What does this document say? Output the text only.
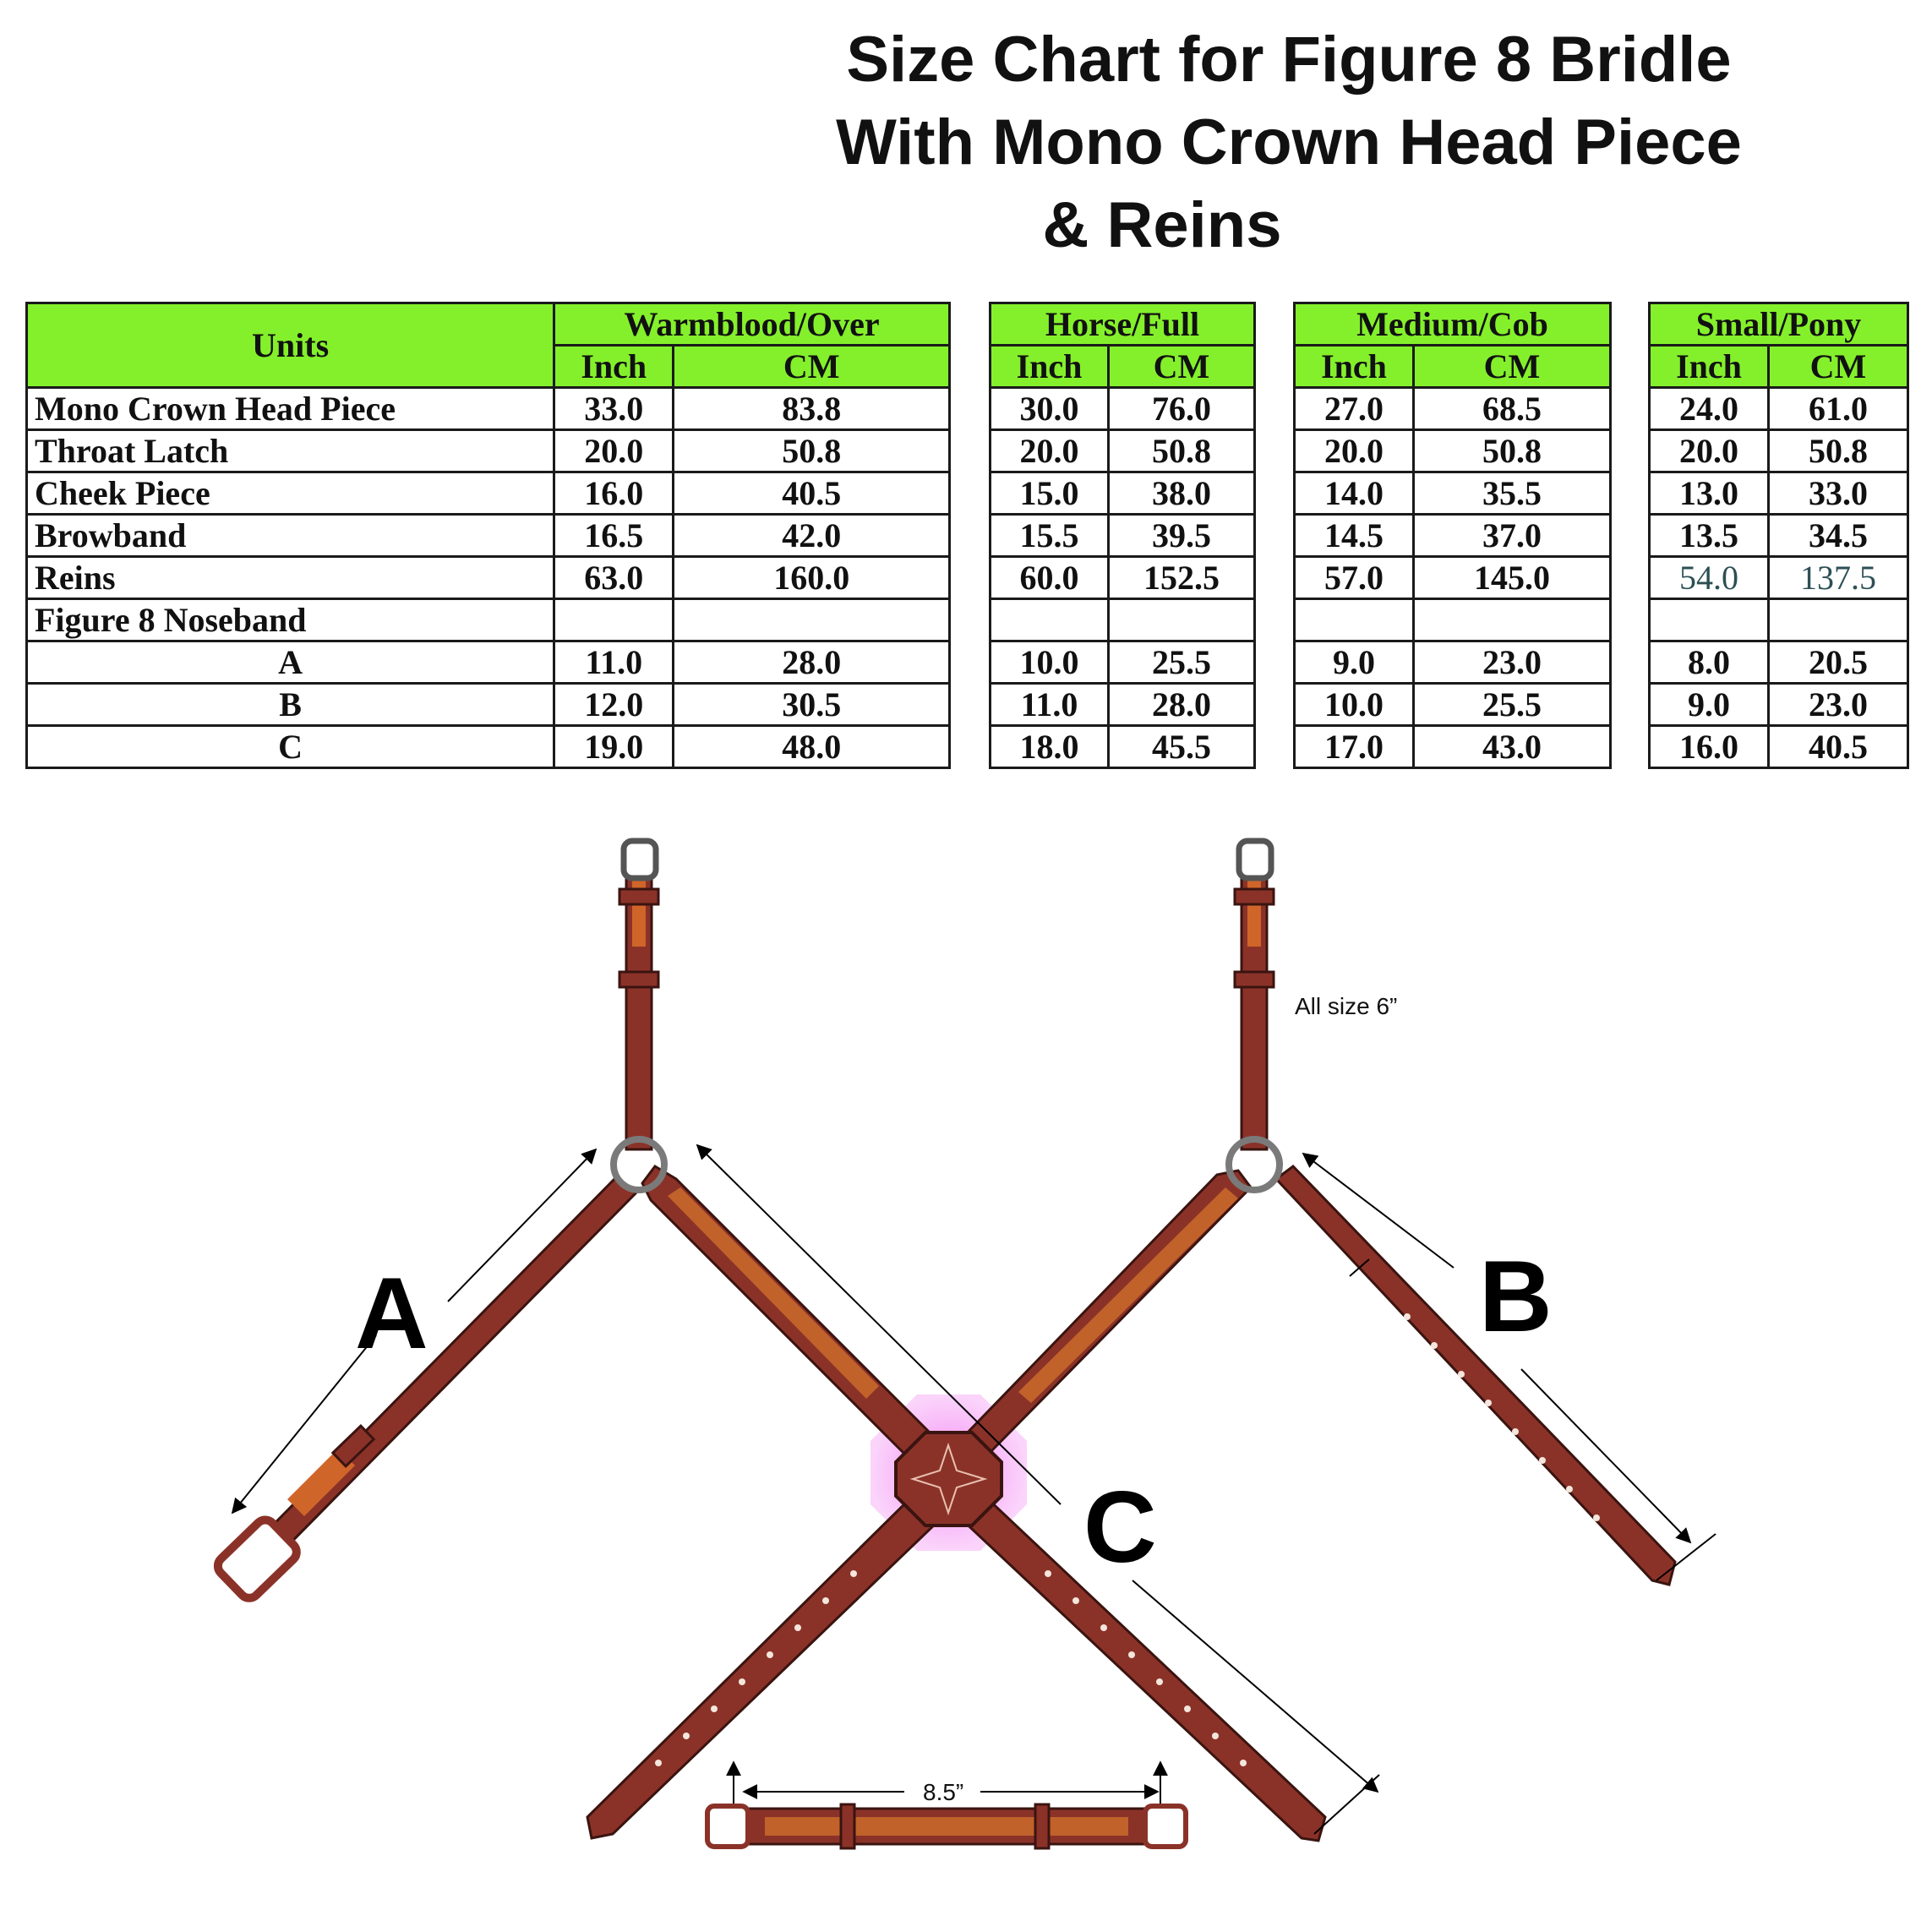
Size Chart for Figure 8 Bridle
With Mono Crown Head Piece
& Reins
Units	Warmblood/Over	
	Inch	CM
Mono Crown Head Piece	33.0	83.8
Throat Latch	20.0	50.8
Cheek Piece	16.0	40.5
Browband	16.5	42.0
Reins	63.0	160.0
Figure 8 Noseband		
A	11.0	28.0
B	12.0	30.5
C	19.0	48.0
Horse/Full	
Inch	CM
30.0	76.0
20.0	50.8
15.0	38.0
15.5	39.5
60.0	152.5

10.0	25.5
11.0	28.0
18.0	45.5
Medium/Cob	
Inch	CM
27.0	68.5
20.0	50.8
14.0	35.5
14.5	37.0
57.0	145.0

9.0	23.0
10.0	25.5
17.0	43.0
Small/Pony	
Inch	CM
24.0	61.0
20.0	50.8
13.0	33.0
13.5	34.5
54.0	137.5

8.0	20.5
9.0	23.0
16.0	40.5
A	B
C
All size 6”
8.5”
